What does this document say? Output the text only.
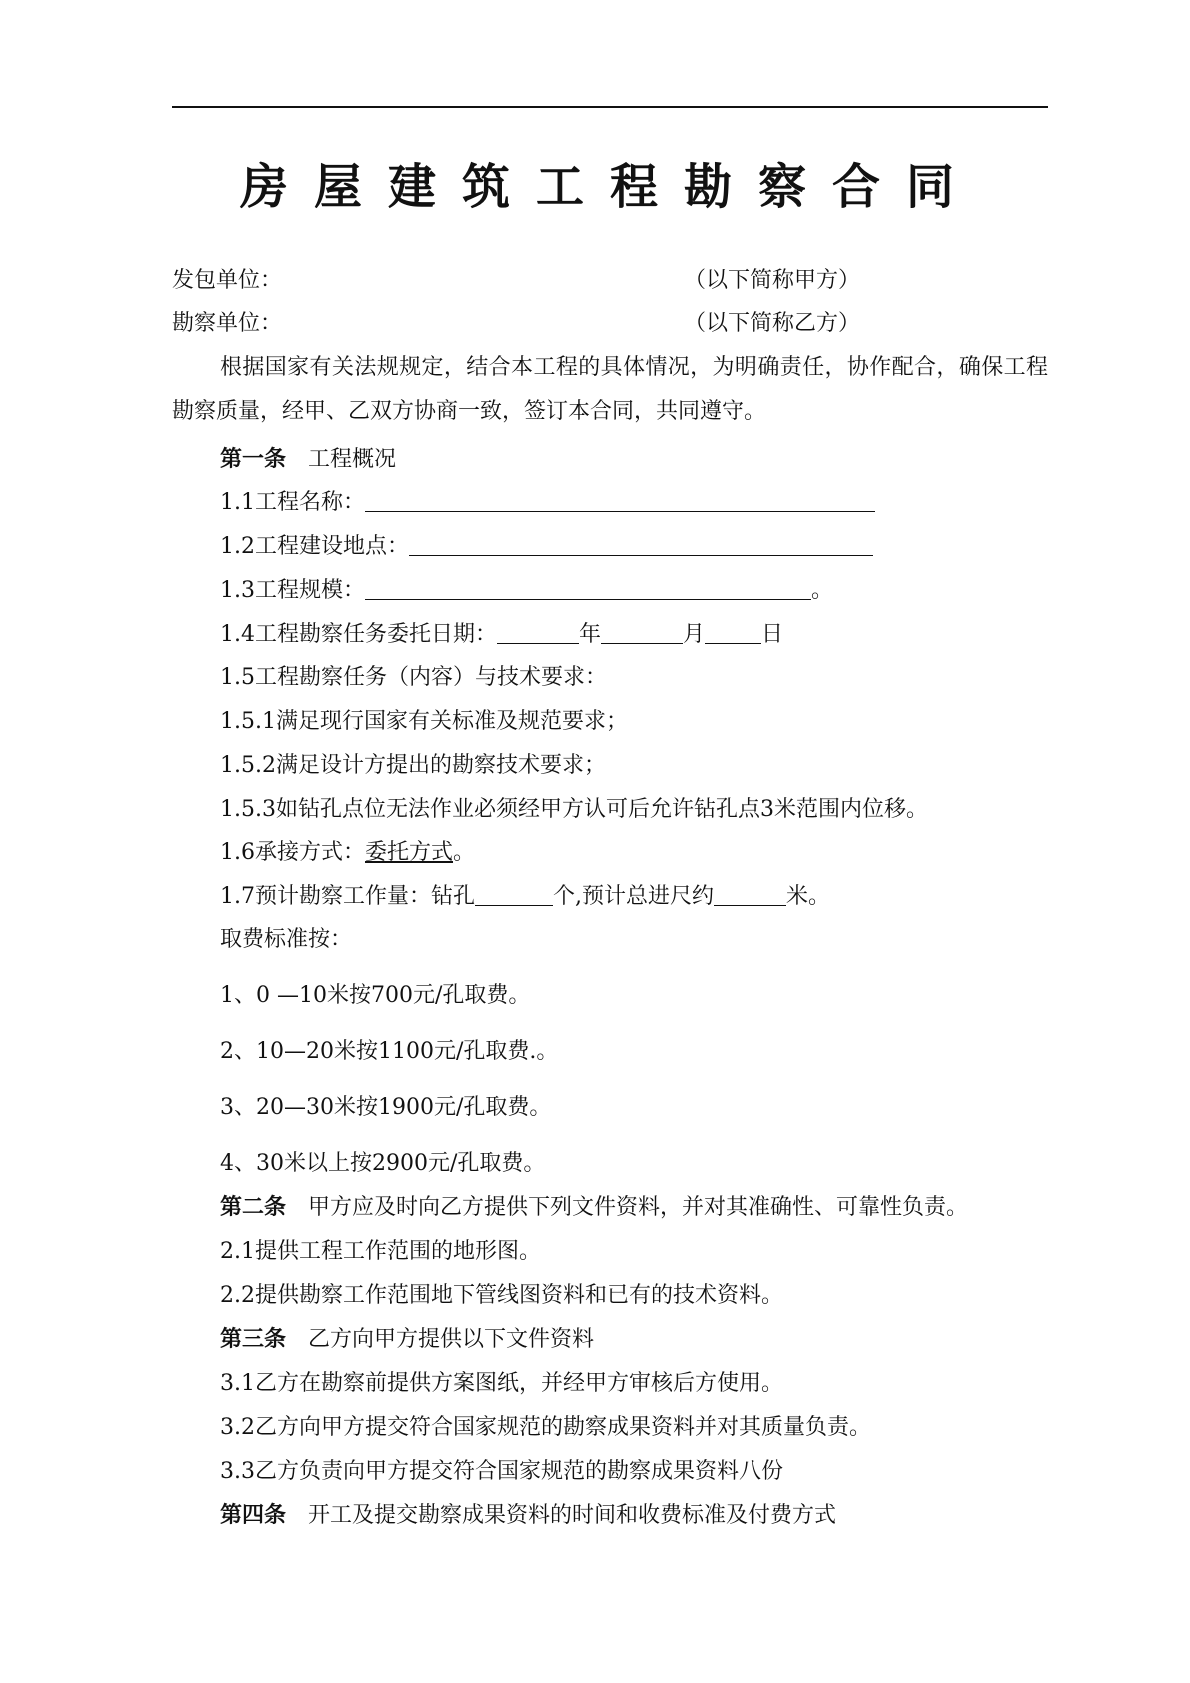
房屋建筑工程勘察合同
发包单位：	（以下简称甲方）
勘察单位：	（以下简称乙方）
根据国家有关法规规定，结合本工程的具体情况，为明确责任，协作配合，确保工程勘察质量，经甲、乙双方协商一致，签订本合同，共同遵守。
第一条 工程概况
1.1工程名称：
1.2工程建设地点：
1.3工程规模：	。
1.4工程勘察任务委托日期：	年	月	日
1.5工程勘察任务（内容）与技术要求：
1.5.1满足现行国家有关标准及规范要求；
1.5.2满足设计方提出的勘察技术要求；
1.5.3如钻孔点位无法作业必须经甲方认可后允许钻孔点3米范围内位移。
1.6承接方式：委托方式。
1.7预计勘察工作量：钻孔	个,预计总进尺约	米。
取费标准按：
1、0 —10米按700元/孔取费。
2、10—20米按1100元/孔取费.。
3、20—30米按1900元/孔取费。
4、30米以上按2900元/孔取费。
第二条 甲方应及时向乙方提供下列文件资料，并对其准确性、可靠性负责。
2.1提供工程工作范围的地形图。
2.2提供勘察工作范围地下管线图资料和已有的技术资料。
第三条 乙方向甲方提供以下文件资料
3.1乙方在勘察前提供方案图纸，并经甲方审核后方使用。
3.2乙方向甲方提交符合国家规范的勘察成果资料并对其质量负责。
3.3乙方负责向甲方提交符合国家规范的勘察成果资料八份
第四条 开工及提交勘察成果资料的时间和收费标准及付费方式
